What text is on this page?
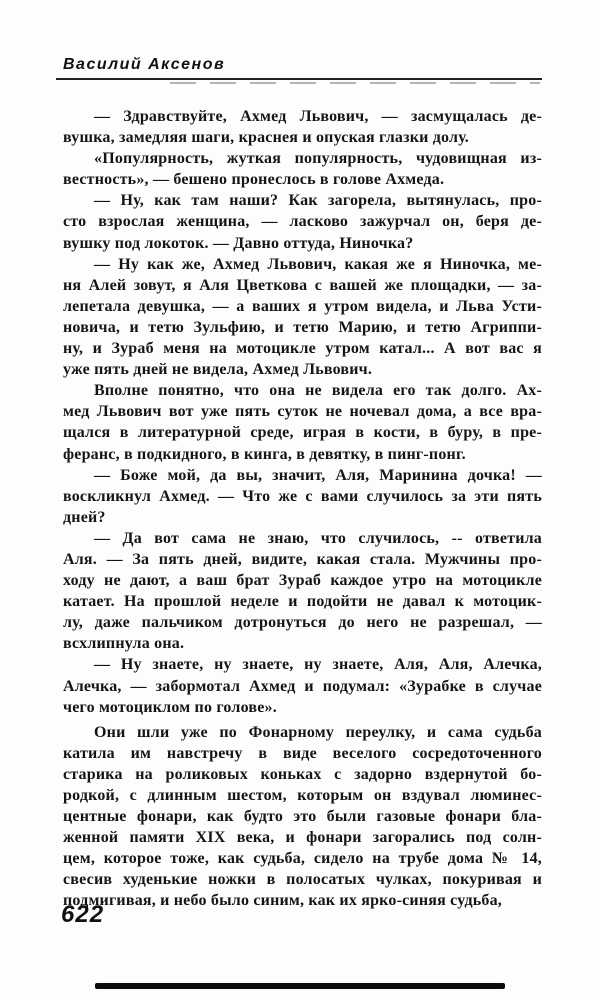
Василий Аксенов
— Здравствуйте, Ахмед Львович, — засмущалась де-
вушка, замедляя шаги, краснея и опуская глазки долу.
«Популярность, жуткая популярность, чудовищная из-
вестность», — бешено пронеслось в голове Ахмеда.
— Ну, как там наши? Как загорела, вытянулась, про-
сто взрослая женщина, — ласково зажурчал он, беря де-
вушку под локоток. — Давно оттуда, Ниночка?
— Ну как же, Ахмед Львович, какая же я Ниночка, ме-
ня Алей зовут, я Аля Цветкова с вашей же площадки, — за-
лепетала девушка, — а ваших я утром видела, и Льва Усти-
новича, и тетю Зульфию, и тетю Марию, и тетю Агриппи-
ну, и Зураб меня на мотоцикле утром катал... А вот вас я
уже пять дней не видела, Ахмед Львович.
Вполне понятно, что она не видела его так долго. Ах-
мед Львович вот уже пять суток не ночевал дома, а все вра-
щался в литературной среде, играя в кости, в буру, в пре-
феранс, в подкидного, в кинга, в девятку, в пинг-понг.
— Боже мой, да вы, значит, Аля, Маринина дочка! —
воскликнул Ахмед. — Что же с вами случилось за эти пять
дней?
— Да вот сама не знаю, что случилось, -- ответила
Аля. — За пять дней, видите, какая стала. Мужчины про-
ходу не дают, а ваш брат Зураб каждое утро на мотоцикле
катает. На прошлой неделе и подойти не давал к мотоцик-
лу, даже пальчиком дотронуться до него не разрешал, —
всхлипнула она.
— Ну знаете, ну знаете, ну знаете, Аля, Аля, Алечка,
Алечка, — забормотал Ахмед и подумал: «Зурабке в случае
чего мотоциклом по голове».
Они шли уже по Фонарному переулку, и сама судьба
катила им навстречу в виде веселого сосредоточенного
старика на роликовых коньках с задорно вздернутой бо-
родкой, с длинным шестом, которым он вздувал люминес-
центные фонари, как будто это были газовые фонари бла-
женной памяти XIX века, и фонари загорались под солн-
цем, которое тоже, как судьба, сидело на трубе дома № 14,
свесив худенькие ножки в полосатых чулках, покуривая и
подмигивая, и небо было синим, как их ярко-синяя судьба,
622
